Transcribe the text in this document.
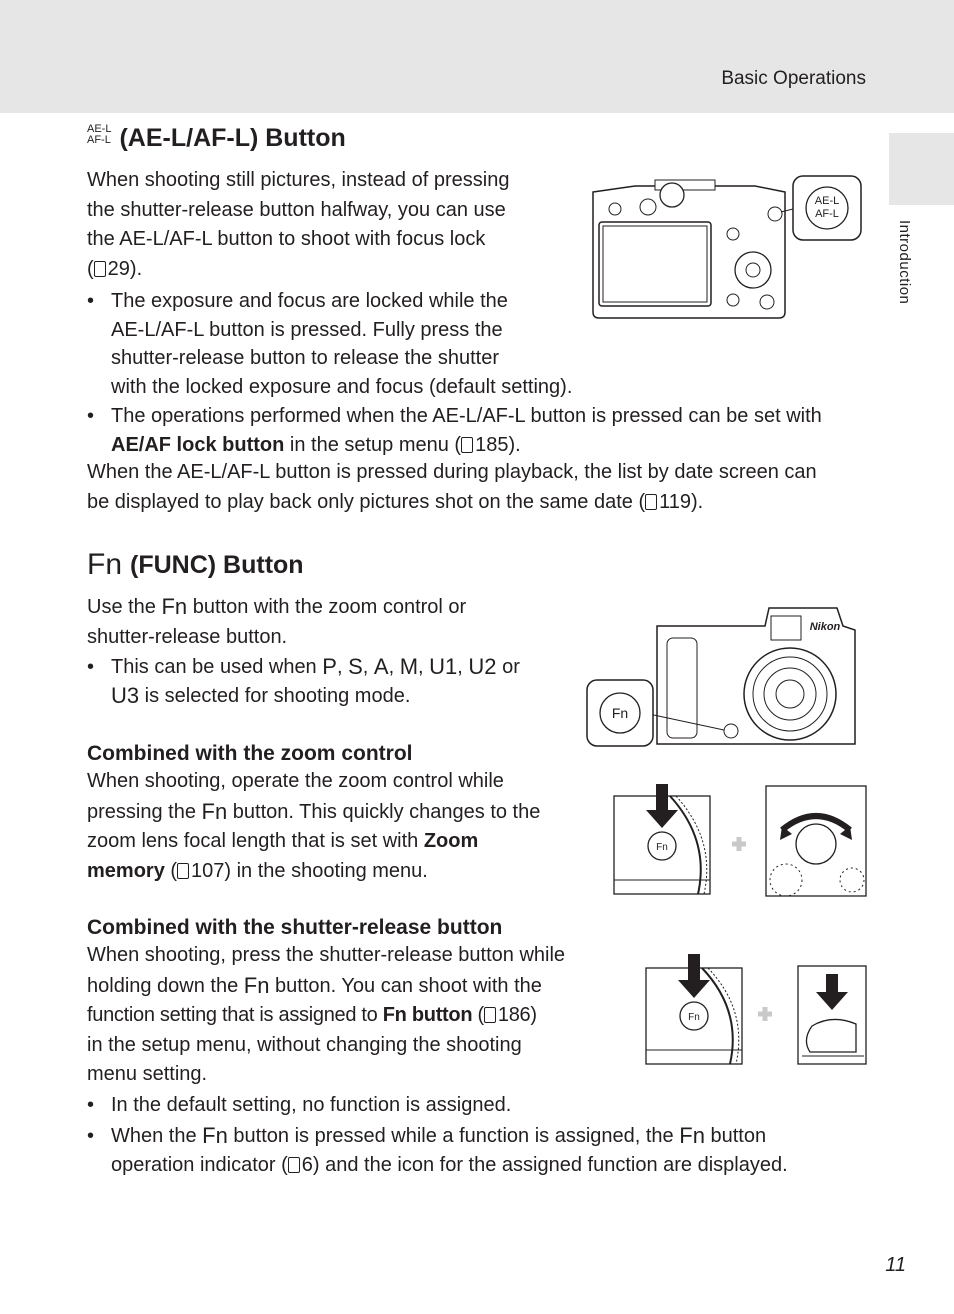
Basic Operations
Introduction
AE-L
AF-L (AE-L/AF-L) Button
When shooting still pictures, instead of pressing
the shutter-release button halfway, you can use
the AE-L/AF-L button to shoot with focus lock
( 29).
• The exposure and focus are locked while the
AE-L/AF-L button is pressed. Fully press the
shutter-release button to release the shutter
with the locked exposure and focus (default setting).
• The operations performed when the AE-L/AF-L button is pressed can be set with
AE/AF lock button in the setup menu ( 185).
When the AE-L/AF-L button is pressed during playback, the list by date screen can
be displayed to play back only pictures shot on the same date ( 119).
AE-L
AF-L
Fn (FUNC) Button
Use the Fn button with the zoom control or
shutter-release button.
• This can be used when P, S, A, M, U1, U2 or
U3 is selected for shooting mode.
Nikon
Fn
Combined with the zoom control
When shooting, operate the zoom control while
pressing the Fn button. This quickly changes to the
zoom lens focal length that is set with Zoom
memory ( 107) in the shooting menu.
Fn
Combined with the shutter-release button
When shooting, press the shutter-release button while
holding down the Fn button. You can shoot with the
function setting that is assigned to Fn button ( 186)
in the setup menu, without changing the shooting
menu setting.
Fn
• In the default setting, no function is assigned.
• When the Fn button is pressed while a function is assigned, the Fn button
operation indicator ( 6) and the icon for the assigned function are displayed.
11
